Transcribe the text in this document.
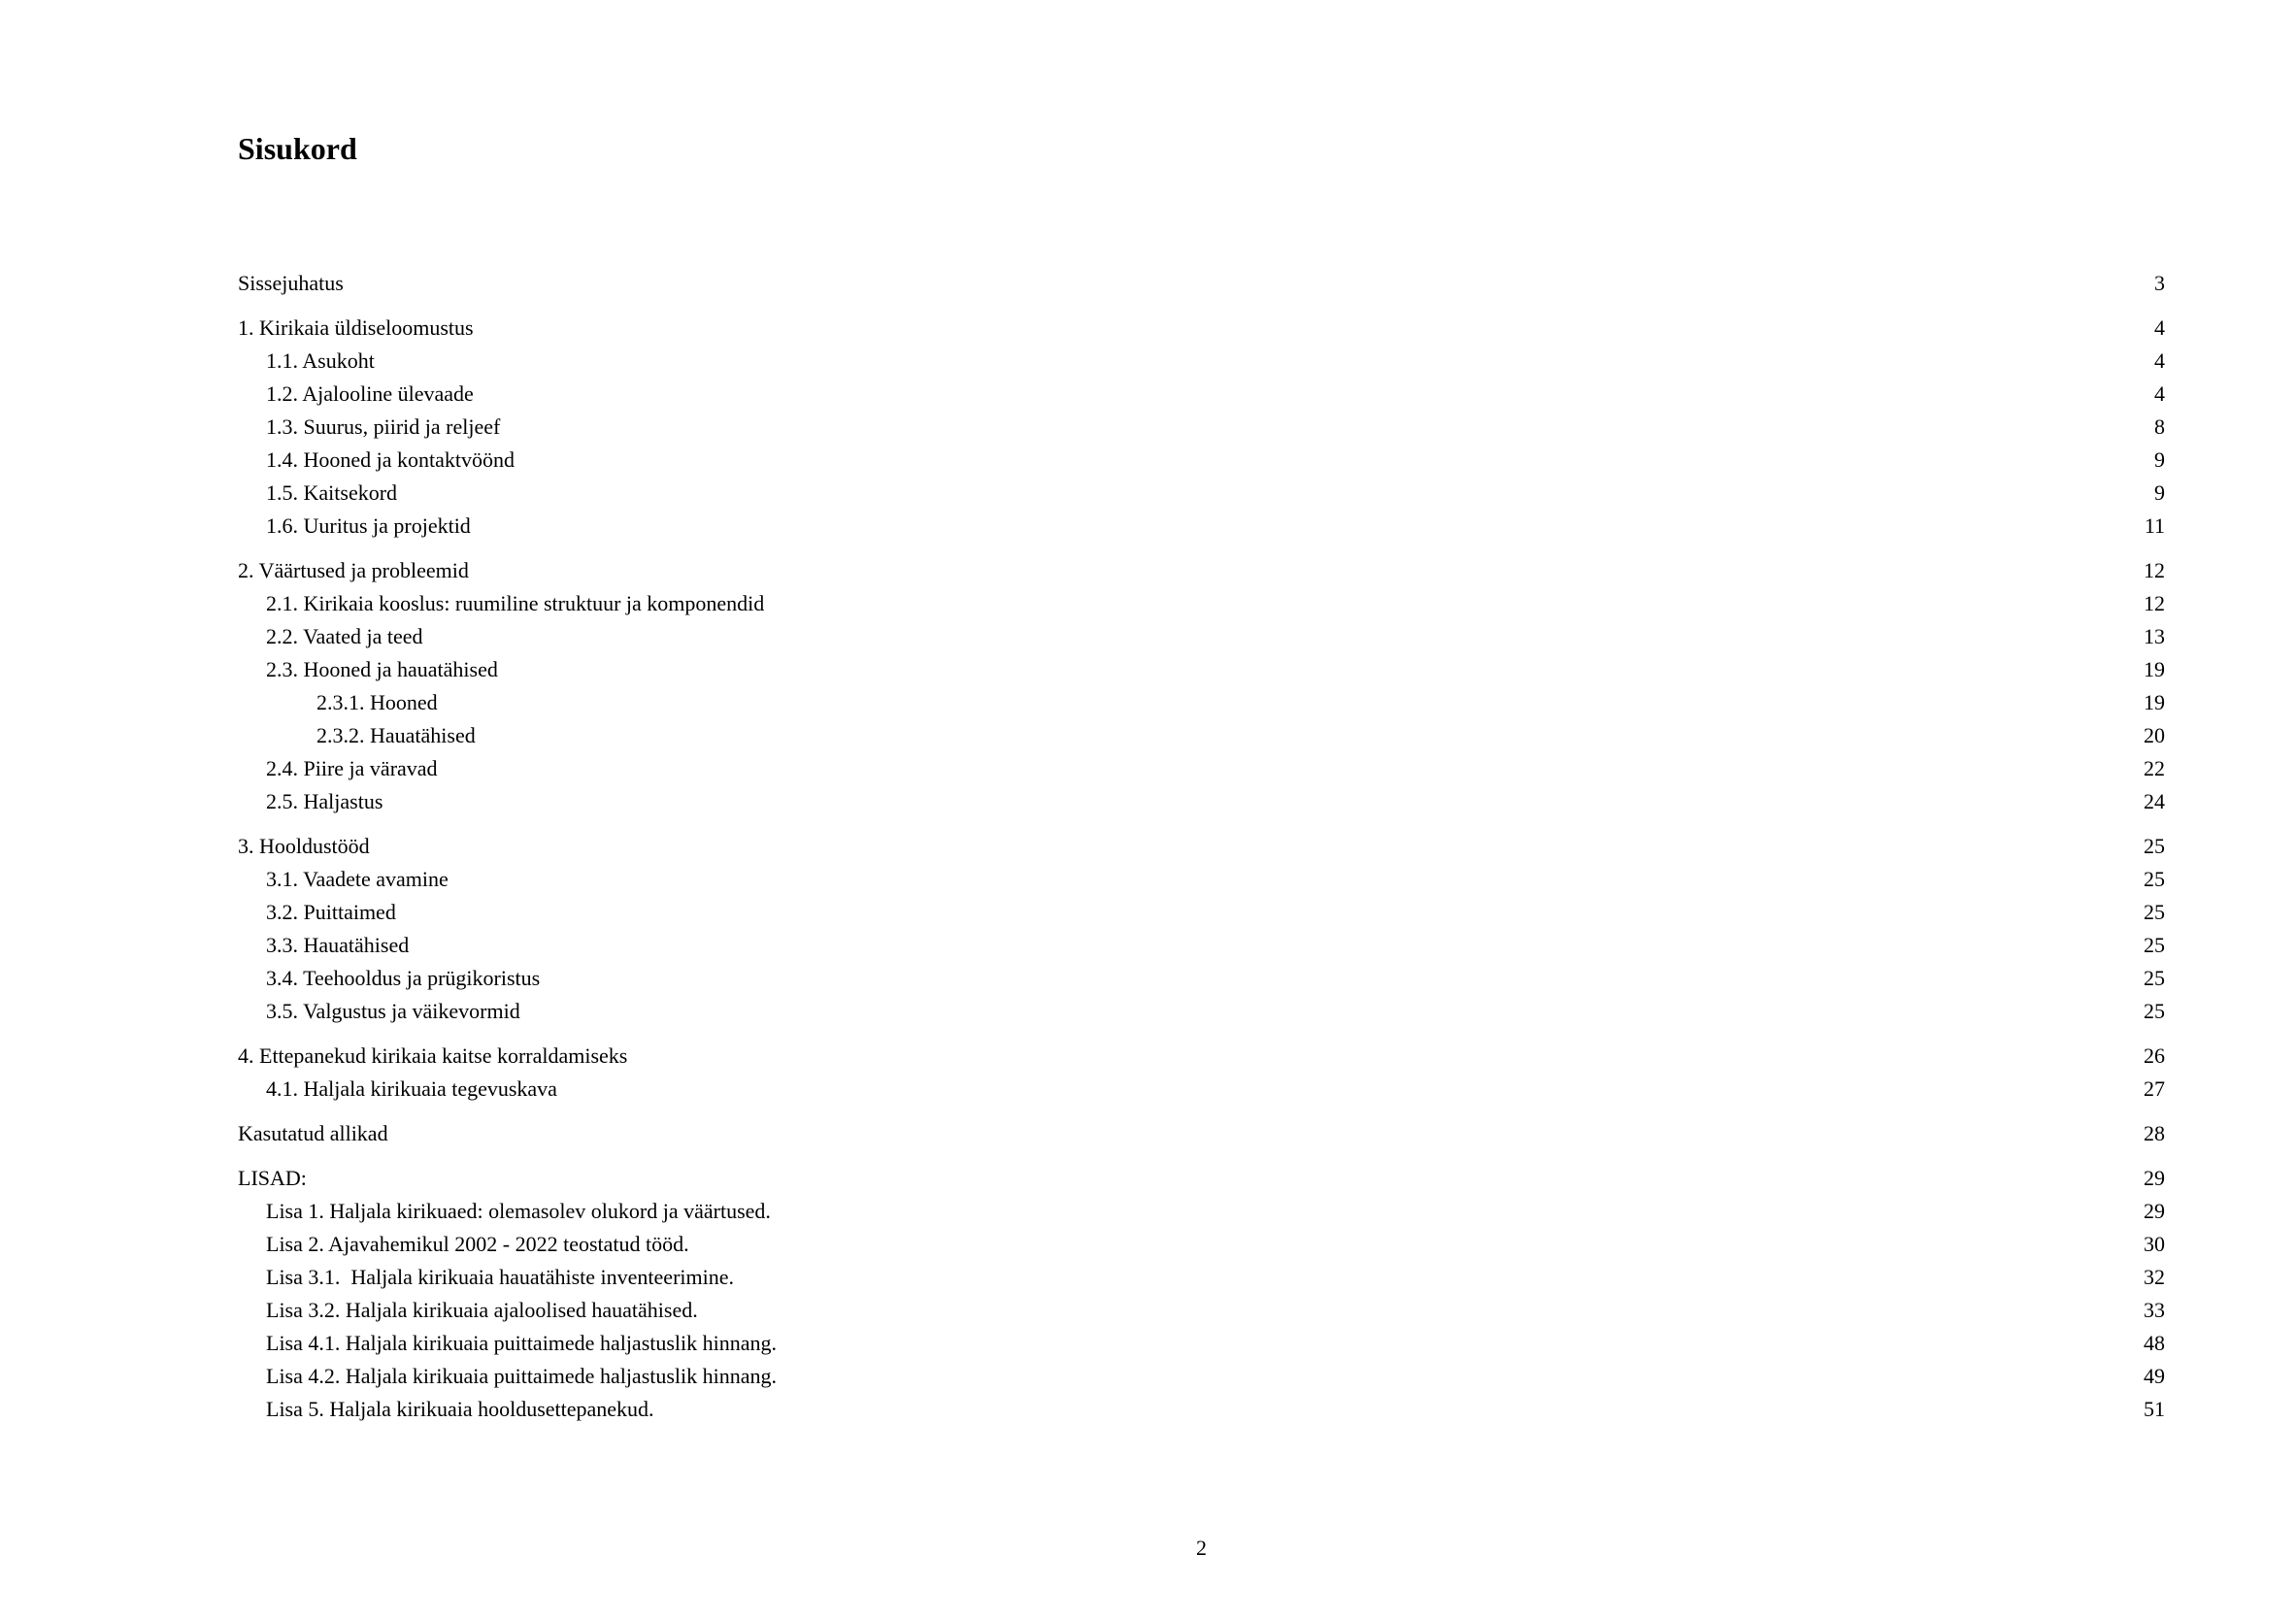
Sisukord
Sissejuhatus	3
1. Kirikaia üldiseloomustus	4
1.1. Asukoht	4
1.2. Ajalooline ülevaade	4
1.3. Suurus, piirid ja reljeef	8
1.4. Hooned ja kontaktvöönd	9
1.5. Kaitsekord	9
1.6. Uuritus ja projektid	11
2. Väärtused ja probleemid	12
2.1. Kirikaia kooslus: ruumiline struktuur ja komponendid	12
2.2. Vaated ja teed	13
2.3. Hooned ja hauatähised	19
2.3.1. Hooned	19
2.3.2. Hauatähised	20
2.4. Piire ja väravad	22
2.5. Haljastus	24
3. Hooldustööd	25
3.1. Vaadete avamine	25
3.2. Puittaimed	25
3.3. Hauatähised	25
3.4. Teehooldus ja prügikoristus	25
3.5. Valgustus ja väikevormid	25
4. Ettepanekud kirikaia kaitse korraldamiseks	26
4.1. Haljala kirikuaia tegevuskava	27
Kasutatud allikad	28
LISAD:	29
Lisa 1. Haljala kirikuaed: olemasolev olukord ja väärtused.	29
Lisa 2. Ajavahemikul 2002 - 2022 teostatud tööd.	30
Lisa 3.1.  Haljala kirikuaia hauatähiste inventeerimine.	32
Lisa 3.2. Haljala kirikuaia ajaloolised hauatähised.	33
Lisa 4.1. Haljala kirikuaia puittaimede haljastuslik hinnang.	48
Lisa 4.2. Haljala kirikuaia puittaimede haljastuslik hinnang.	49
Lisa 5. Haljala kirikuaia hooldusettepanekud.	51
2
